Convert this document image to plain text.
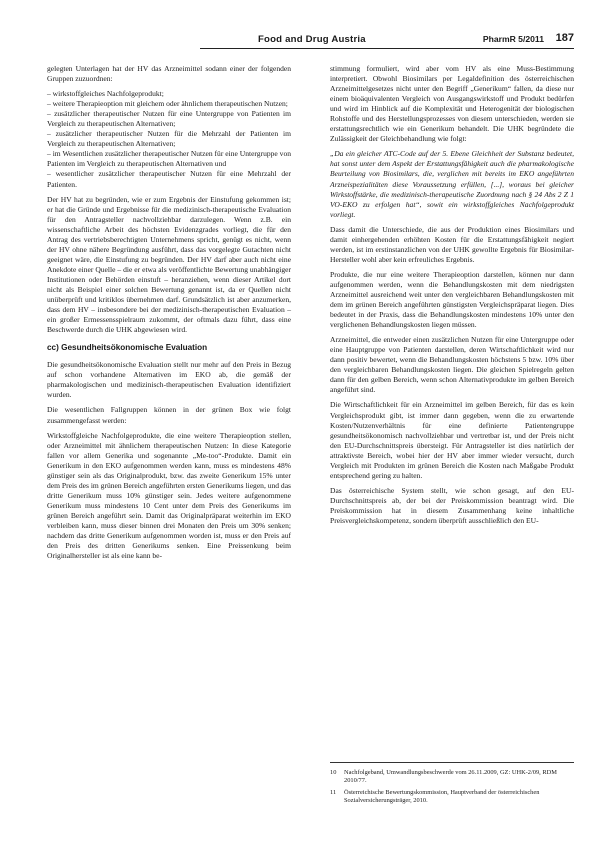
Food and Drug Austria	PharmR 5/2011 187

gelegten Unterlagen hat der HV das Arzneimittel sodann einer der folgenden Gruppen zuzuordnen:

– wirkstoffgleiches Nachfolgeprodukt;
– weitere Therapieoption mit gleichem oder ähnlichem therapeutischen Nutzen;
– zusätzlicher therapeutischer Nutzen für eine Untergruppe von Patienten im Vergleich zu therapeutischen Alternativen;
– zusätzlicher therapeutischer Nutzen für die Mehrzahl der Patienten im Vergleich zu therapeutischen Alternativen;
– im Wesentlichen zusätzlicher therapeutischer Nutzen für eine Untergruppe von Patienten im Vergleich zu therapeutischen Alternativen und
– wesentlicher zusätzlicher therapeutischer Nutzen für eine Mehrzahl der Patienten.

Der HV hat zu begründen, wie er zum Ergebnis der Einstufung gekommen ist; er hat die Gründe und Ergebnisse für die medizinisch-therapeutische Evaluation für den Antragsteller nachvollziehbar darzulegen. Wenn z.B. ein wissenschaftliche Arbeit des höchsten Evidenzgrades vorliegt, die für den Antrag des vertriebsberechtigten Unternehmens spricht, genügt es nicht, wenn der HV ohne nähere Begründung ausführt, dass das vorgelegte Gutachten nicht geeignet wäre, die Einstufung zu begründen. Der HV darf aber auch nicht eine Anekdote einer Quelle – die er etwa als veröffentlichte Bewertung unabhängiger Institutionen oder Behörden einstuft – heranziehen, wenn dieser Artikel dort nicht als Beispiel einer solchen Bewertung genannt ist, da er Quellen nicht unüberprüft und kritiklos übernehmen darf. Grundsätzlich ist aber anzumerken, dass dem HV – insbesondere bei der medizinisch-therapeutischen Evaluation – ein großer Ermessensspielraum zukommt, der oftmals dazu führt, dass eine Beschwerde durch die UHK abgewiesen wird.

cc) Gesundheitsökonomische Evaluation

Die gesundheitsökonomische Evaluation stellt nur mehr auf den Preis in Bezug auf schon vorhandene Alternativen im EKO ab, die gemäß der pharmakologischen und medizinisch-therapeutischen Evaluation identifiziert wurden.

Die wesentlichen Fallgruppen können in der grünen Box wie folgt zusammengefasst werden:

Wirkstoffgleiche Nachfolgeprodukte, die eine weitere Therapieoption stellen, oder Arzneimittel mit ähnlichem therapeutischen Nutzen: In diese Kategorie fallen vor allem Generika und sogenannte „Me-too“-Produkte. Damit ein Generikum in den EKO aufgenommen werden kann, muss es mindestens 48% günstiger sein als das Originalprodukt, bzw. das zweite Generikum 15% unter dem Preis des im grünen Bereich angeführten ersten Generikums liegen, und das dritte Generikum muss 10% günstiger sein. Jedes weitere aufgenommene Generikum muss mindestens 10 Cent unter dem Preis des Generikums im grünen Bereich angeführt sein. Damit das Originalpräparat weiterhin im EKO verbleiben kann, muss dieser binnen drei Monaten den Preis um 30% senken; nachdem das dritte Generikum aufgenommen worden ist, muss er den Preis auf den Preis des dritten Generikums senken. Eine Preissenkung beim Originalhersteller ist als eine kann be-

stimmung formuliert, wird aber vom HV als eine Muss-Bestimmung interpretiert. Obwohl Biosimilars per Legaldefinition des österreichischen Arzneimittelgesetzes nicht unter den Begriff „Generikum“ fallen, da diese nur einem bioäquivalenten Vergleich von Ausgangswirkstoff und Produkt bedürfen und wird im Hinblick auf die Komplexität und Heterogenität der biologischen Rohstoffe und des Herstellungsprozesses von diesem unterschieden, werden sie erstattungsrechtlich wie ein Generikum behandelt. Die UHK begründete die Zulässigkeit der Gleichbehandlung wie folgt:

„Da ein gleicher ATC-Code auf der 5. Ebene Gleichheit der Substanz bedeutet, hat sonst unter dem Aspekt der Erstattungsfähigkeit auch die pharmakologische Beurteilung von Biosimilars, die, verglichen mit bereits im EKO angeführten Arzneispezialitäten diese Voraussetzung erfüllen, [...], woraus bei gleicher Wirkstoffstärke, die medizinisch-therapeutische Zuordnung nach § 24 Abs 2 Z 1 VO-EKO zu erfolgen hat“, sowit ein wirkstoffgleiches Nachfolgeprodukt vorliegt.

Dass damit die Unterschiede, die aus der Produktion eines Biosimilars und damit einhergehenden erhöhten Kosten für die Erstattungsfähigkeit negiert werden, ist im erstinstanzlichen von der UHK gewollte Ergebnis für Biosimilar-Hersteller wohl aber kein erfreuliches Ergebnis.

Produkte, die nur eine weitere Therapieoption darstellen, können nur dann aufgenommen werden, wenn die Behandlungskosten mit dem niedrigsten Arzneimittel ausreichend weit unter den vergleichbaren Behandlungskosten mit dem im grünen Bereich angeführten günstigsten Vergleichspräparat liegen. Dies bedeutet in der Praxis, dass die Behandlungskosten mindestens 10% unter den verglichenen Behandlungskosten liegen müssen.

Arzneimittel, die entweder einen zusätzlichen Nutzen für eine Untergruppe oder eine Hauptgruppe von Patienten darstellen, deren Wirtschaftlichkeit wird nur dann positiv bewertet, wenn die Behandlungskosten höchstens 5 bzw. 10% über den vergleichbaren Behandlungskosten liegen. Die gleichen Spielregeln gelten dann für den gelben Bereich, wenn schon Alternativprodukte im gelben Bereich angeführt sind.

Die Wirtschaftlichkeit für ein Arzneimittel im gelben Bereich, für das es kein Vergleichsprodukt gibt, ist immer dann gegeben, wenn die zu erwartende Kosten/Nutzenverhältnis für eine definierte Patientengruppe gesundheitsökonomisch nachvollziehbar und vertretbar ist, und der Preis nicht den EU-Durchschnittspreis übersteigt. Für Antragsteller ist dies natürlich der attraktivste Bereich, wobei hier der HV aber immer wieder versucht, durch Vergleich mit Produkten im grünen Bereich die Kosten nach Maßgabe Produkt entsprechend gering zu halten.

Das österreichische System stellt, wie schon gesagt, auf den EU-Durchschnittspreis ab, der bei der Preiskommission beantragt wird. Die Preiskommission hat in diesem Zusammenhang keine inhaltliche Preisvergleichskompetenz, sondern überprüft ausschließlich den EU-

10	Nachfolgeband, Umwandlungsbeschwerde vom 26.11.2009, GZ: UHK-2/09, RDM 2010/77.
11	Österreichische Bewertungskommission, Hauptverband der österreichischen Sozialversicherungsträger, 2010.
